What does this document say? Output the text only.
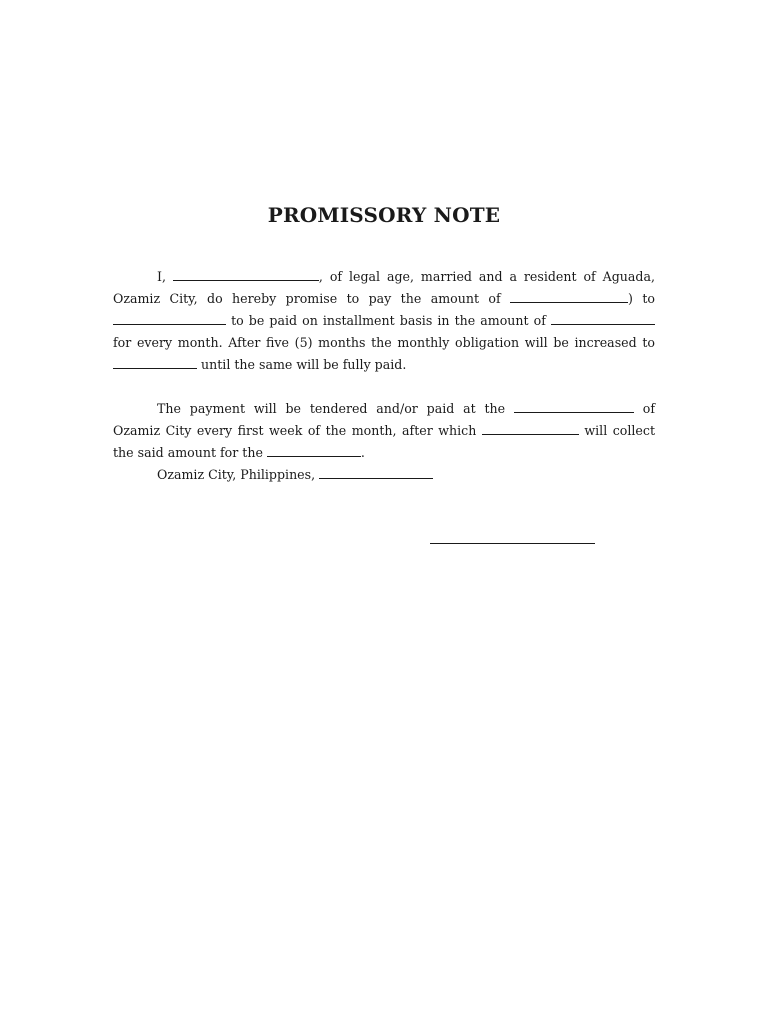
PROMISSORY NOTE

I,	, of legal age, married and a resident of Aguada, Ozamiz City, do hereby promise to pay the amount of	) to  to be paid on installment basis in the amount of  for every month. After five (5) months the monthly obligation will be increased to  until the same will be fully paid.

The payment will be tendered and/or paid at the	of Ozamiz City every first week of the month, after which	will collect the said amount for the	.

Ozamiz City, Philippines,
